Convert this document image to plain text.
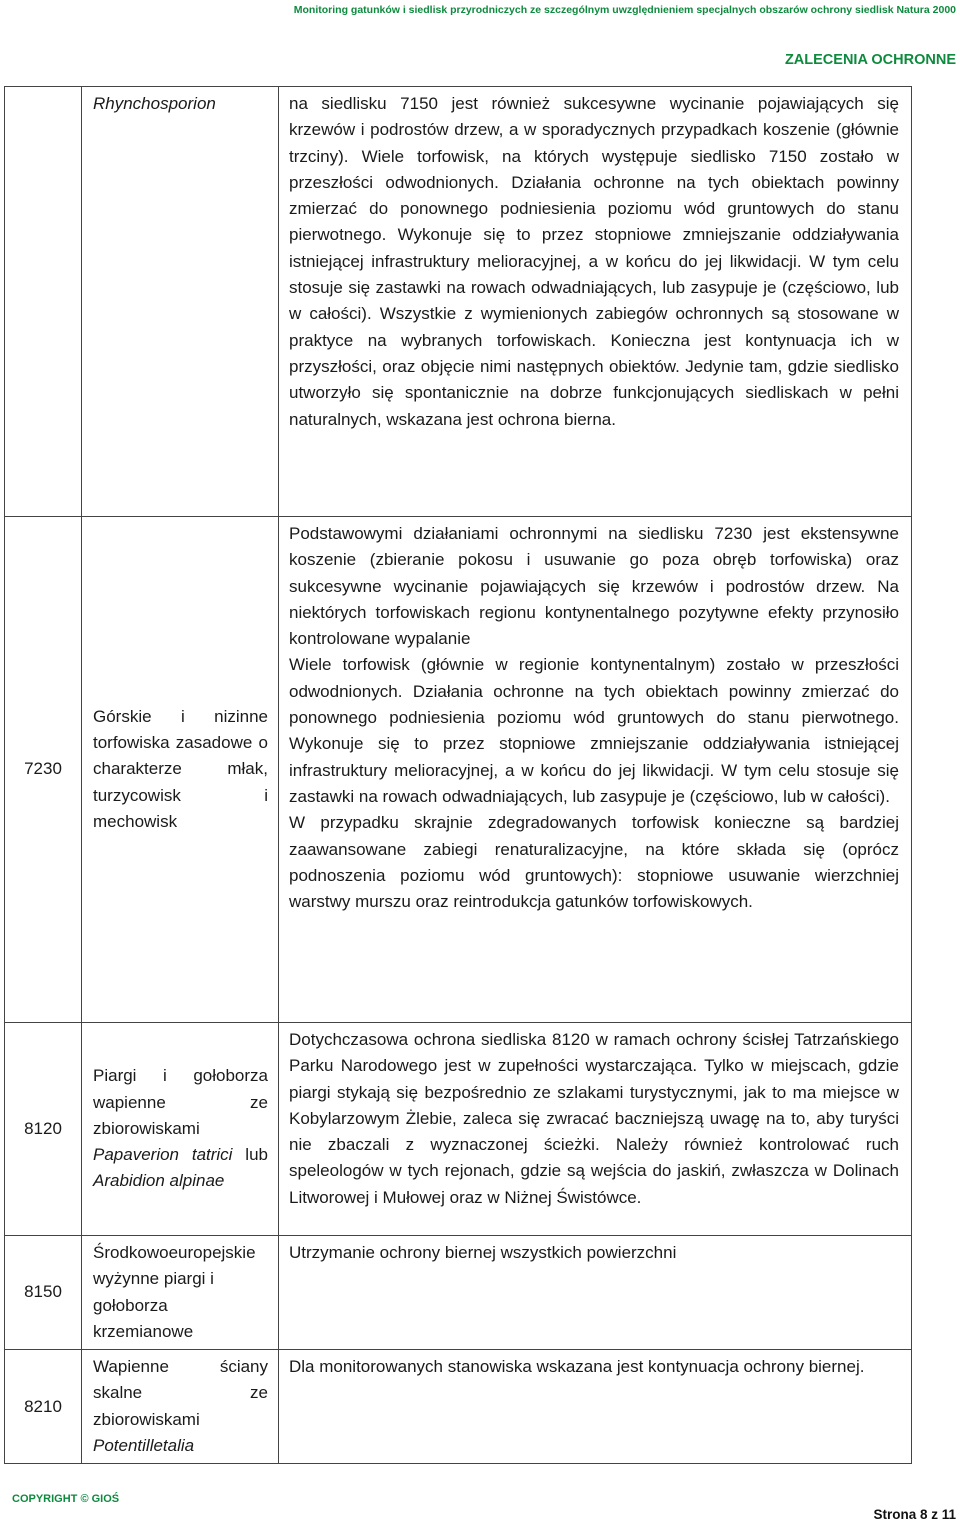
Monitoring gatunków i siedlisk przyrodniczych ze szczególnym uwzględnieniem specjalnych obszarów ochrony siedlisk Natura 2000
ZALECENIA OCHRONNE
	Rhynchosporion	na siedlisku 7150 jest również sukcesywne wycinanie pojawiających się krzewów i podrostów drzew, a w sporadycznych przypadkach koszenie (głównie trzciny). Wiele torfowisk, na których występuje siedlisko 7150 zostało w przeszłości odwodnionych. Działania ochronne na tych obiektach powinny zmierzać do ponownego podniesienia poziomu wód gruntowych do stanu pierwotnego. Wykonuje się to przez stopniowe zmniejszanie oddziaływania istniejącej infrastruktury melioracyjnej, a w końcu do jej likwidacji. W tym celu stosuje się zastawki na rowach odwadniających, lub zasypuje je (częściowo, lub w całości). Wszystkie z wymienionych zabiegów ochronnych są stosowane w praktyce na wybranych torfowiskach. Konieczna jest kontynuacja ich w przyszłości, oraz objęcie nimi następnych obiektów. Jedynie tam, gdzie siedlisko utworzyło się spontanicznie na dobrze funkcjonujących siedliskach w pełni naturalnych, wskazana jest ochrona bierna.

7230	Górskie i nizinne torfowiska zasadowe o charakterze młak, turzycowisk i mechowisk	Podstawowymi działaniami ochronnymi na siedlisku 7230 jest ekstensywne koszenie (zbieranie pokosu i usuwanie go poza obręb torfowiska) oraz sukcesywne wycinanie pojawiających się krzewów i podrostów drzew. Na niektórych torfowiskach regionu kontynentalnego pozytywne efekty przynosiło kontrolowane wypalanie

Wiele torfowisk (głównie w regionie kontynentalnym) zostało w przeszłości odwodnionych. Działania ochronne na tych obiektach powinny zmierzać do ponownego podniesienia poziomu wód gruntowych do stanu pierwotnego. Wykonuje się to przez stopniowe zmniejszanie oddziaływania istniejącej infrastruktury melioracyjnej, a w końcu do jej likwidacji. W tym celu stosuje się zastawki na rowach odwadniających, lub zasypuje je (częściowo, lub w całości).

W przypadku skrajnie zdegradowanych torfowisk konieczne są bardziej zaawansowane zabiegi renaturalizacyjne, na które składa się (oprócz podnoszenia poziomu wód gruntowych): stopniowe usuwanie wierzchniej warstwy murszu oraz reintrodukcja gatunków torfowiskowych.

8120	Piargi i gołoborza wapienne ze zbiorowiskami Papaverion tatrici lub Arabidion alpinae	Dotychczasowa ochrona siedliska 8120 w ramach ochrony ścisłej Tatrzańskiego Parku Narodowego jest w zupełności wystarczająca. Tylko w miejscach, gdzie piargi stykają się bezpośrednio ze szlakami turystycznymi, jak to ma miejsce w Kobylarzowym Żlebie, zaleca się zwracać baczniejszą uwagę na to, aby turyści nie zbaczali z wyznaczonej ścieżki. Należy również kontrolować ruch speleologów w tych rejonach, gdzie są wejścia do jaskiń, zwłaszcza w Dolinach Litworowej i Mułowej oraz w Niżnej Świstówce.

8150	Środkowoeuropejskie wyżynne piargi i gołoborza krzemianowe	Utrzymanie ochrony biernej wszystkich powierzchni

8210	Wapienne ściany skalne ze zbiorowiskami Potentilletalia	Dla monitorowanych stanowiska wskazana jest kontynuacja ochrony biernej.

COPYRIGHT © GIOŚ
Strona 8 z 11
